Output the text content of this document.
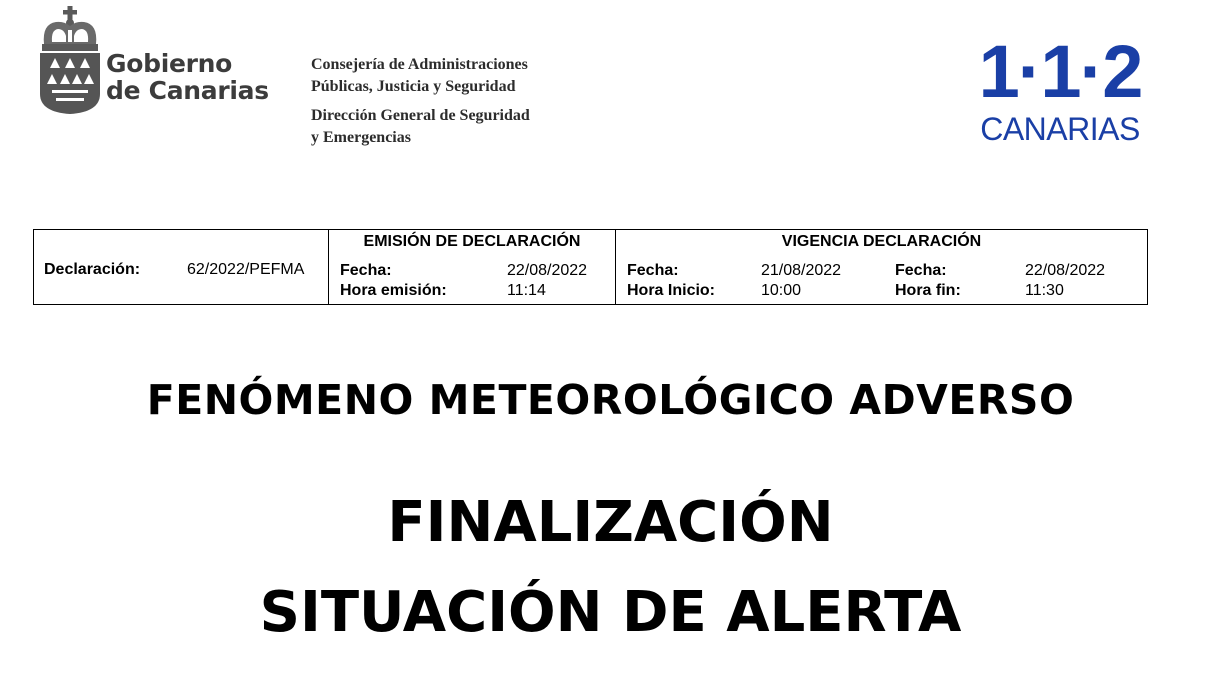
Gobierno
de Canarias
Consejería de Administraciones
Públicas, Justicia y Seguridad
Dirección General de Seguridad
y Emergencias
1·1·2
CANARIAS
Declaración:	62/2022/PEFMA
EMISIÓN DE DECLARACIÓN
Fecha:	22/08/2022
Hora emisión:	11:14
VIGENCIA DECLARACIÓN
Fecha:	21/08/2022
Hora Inicio:	10:00
Fecha:	22/08/2022
Hora fin:	11:30
FENÓMENO METEOROLÓGICO ADVERSO
FINALIZACIÓN
SITUACIÓN DE ALERTA
